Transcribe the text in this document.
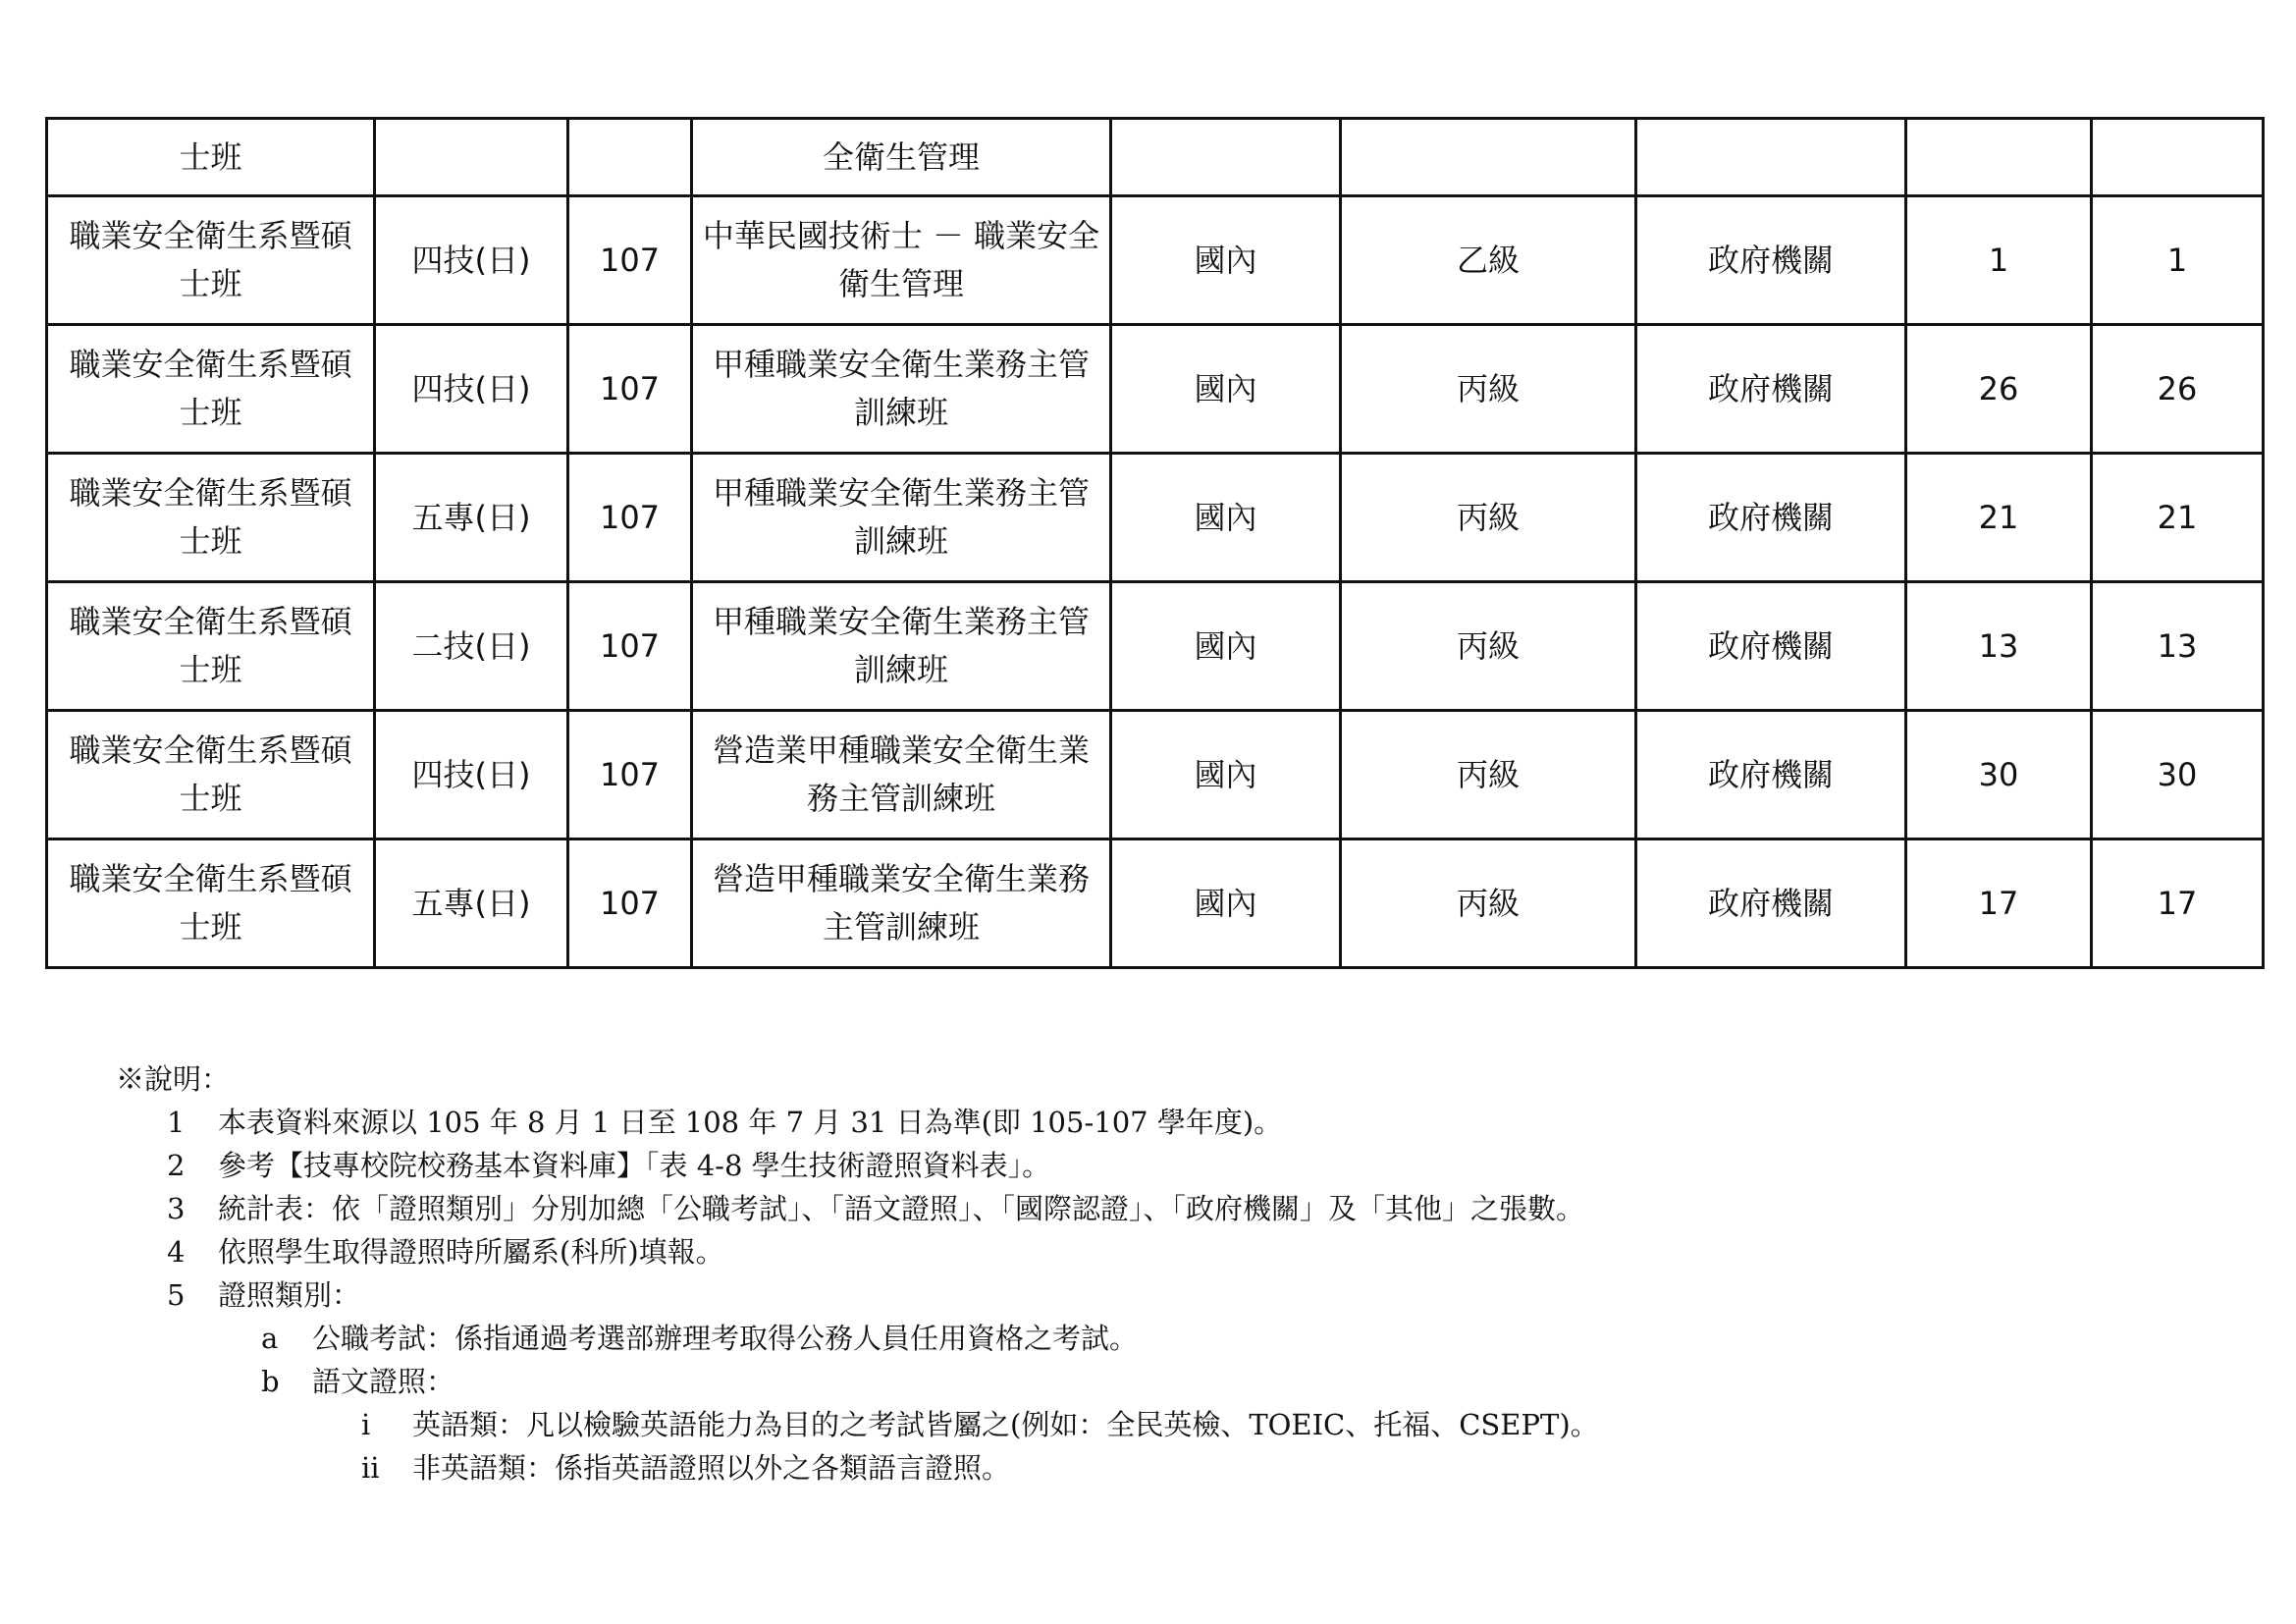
士班			全衛生管理					
職業安全衛生系暨碩士班	四技(日)	107	中華民國技術士 － 職業安全衛生管理	國內	乙級	政府機關	1	1
職業安全衛生系暨碩士班	四技(日)	107	甲種職業安全衛生業務主管訓練班	國內	丙級	政府機關	26	26
職業安全衛生系暨碩士班	五專(日)	107	甲種職業安全衛生業務主管訓練班	國內	丙級	政府機關	21	21
職業安全衛生系暨碩士班	二技(日)	107	甲種職業安全衛生業務主管訓練班	國內	丙級	政府機關	13	13
職業安全衛生系暨碩士班	四技(日)	107	營造業甲種職業安全衛生業務主管訓練班	國內	丙級	政府機關	30	30
職業安全衛生系暨碩士班	五專(日)	107	營造甲種職業安全衛生業務主管訓練班	國內	丙級	政府機關	17	17
※說明：
1	本表資料來源以 105 年 8 月 1 日至 108 年 7 月 31 日為準(即 105-107 學年度)。
2	參考【技專校院校務基本資料庫】「表 4-8 學生技術證照資料表」。
3	統計表：依「證照類別」分別加總「公職考試」、「語文證照」、「國際認證」、「政府機關」及「其他」之張數。
4	依照學生取得證照時所屬系(科所)填報。
5	證照類別：
a	公職考試：係指通過考選部辦理考取得公務人員任用資格之考試。
b	語文證照：
i	英語類：凡以檢驗英語能力為目的之考試皆屬之(例如：全民英檢、TOEIC、托福、CSEPT)。
ii	非英語類：係指英語證照以外之各類語言證照。
